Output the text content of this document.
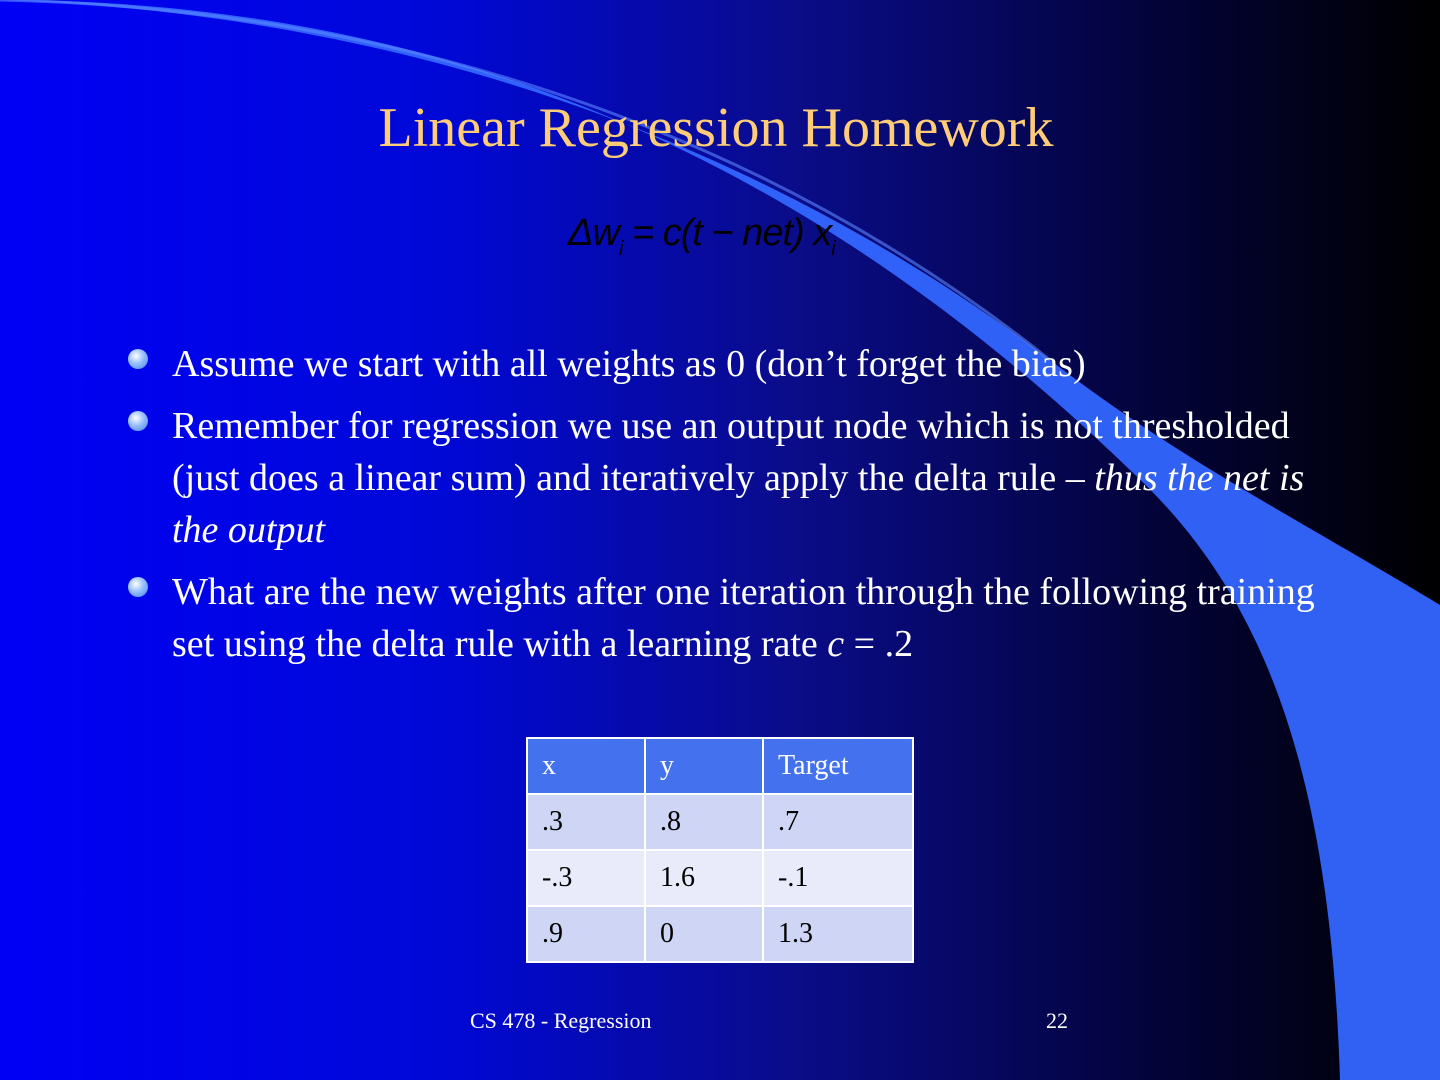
Linear Regression Homework
$\Delta w_i = c(t - net)$ $x_i$
Assume we start with all weights as 0 (don’t forget the bias)
Remember for regression we use an output node which is not thresholded (just does a linear sum) and iteratively apply the delta rule – thus the net is the output
What are the new weights after one iteration through the following training set using the delta rule with a learning rate c = .2
x	y	Target
.3	.8	.7
-.3	1.6	-.1
.9	0	1.3
CS 478 - Regression	22
